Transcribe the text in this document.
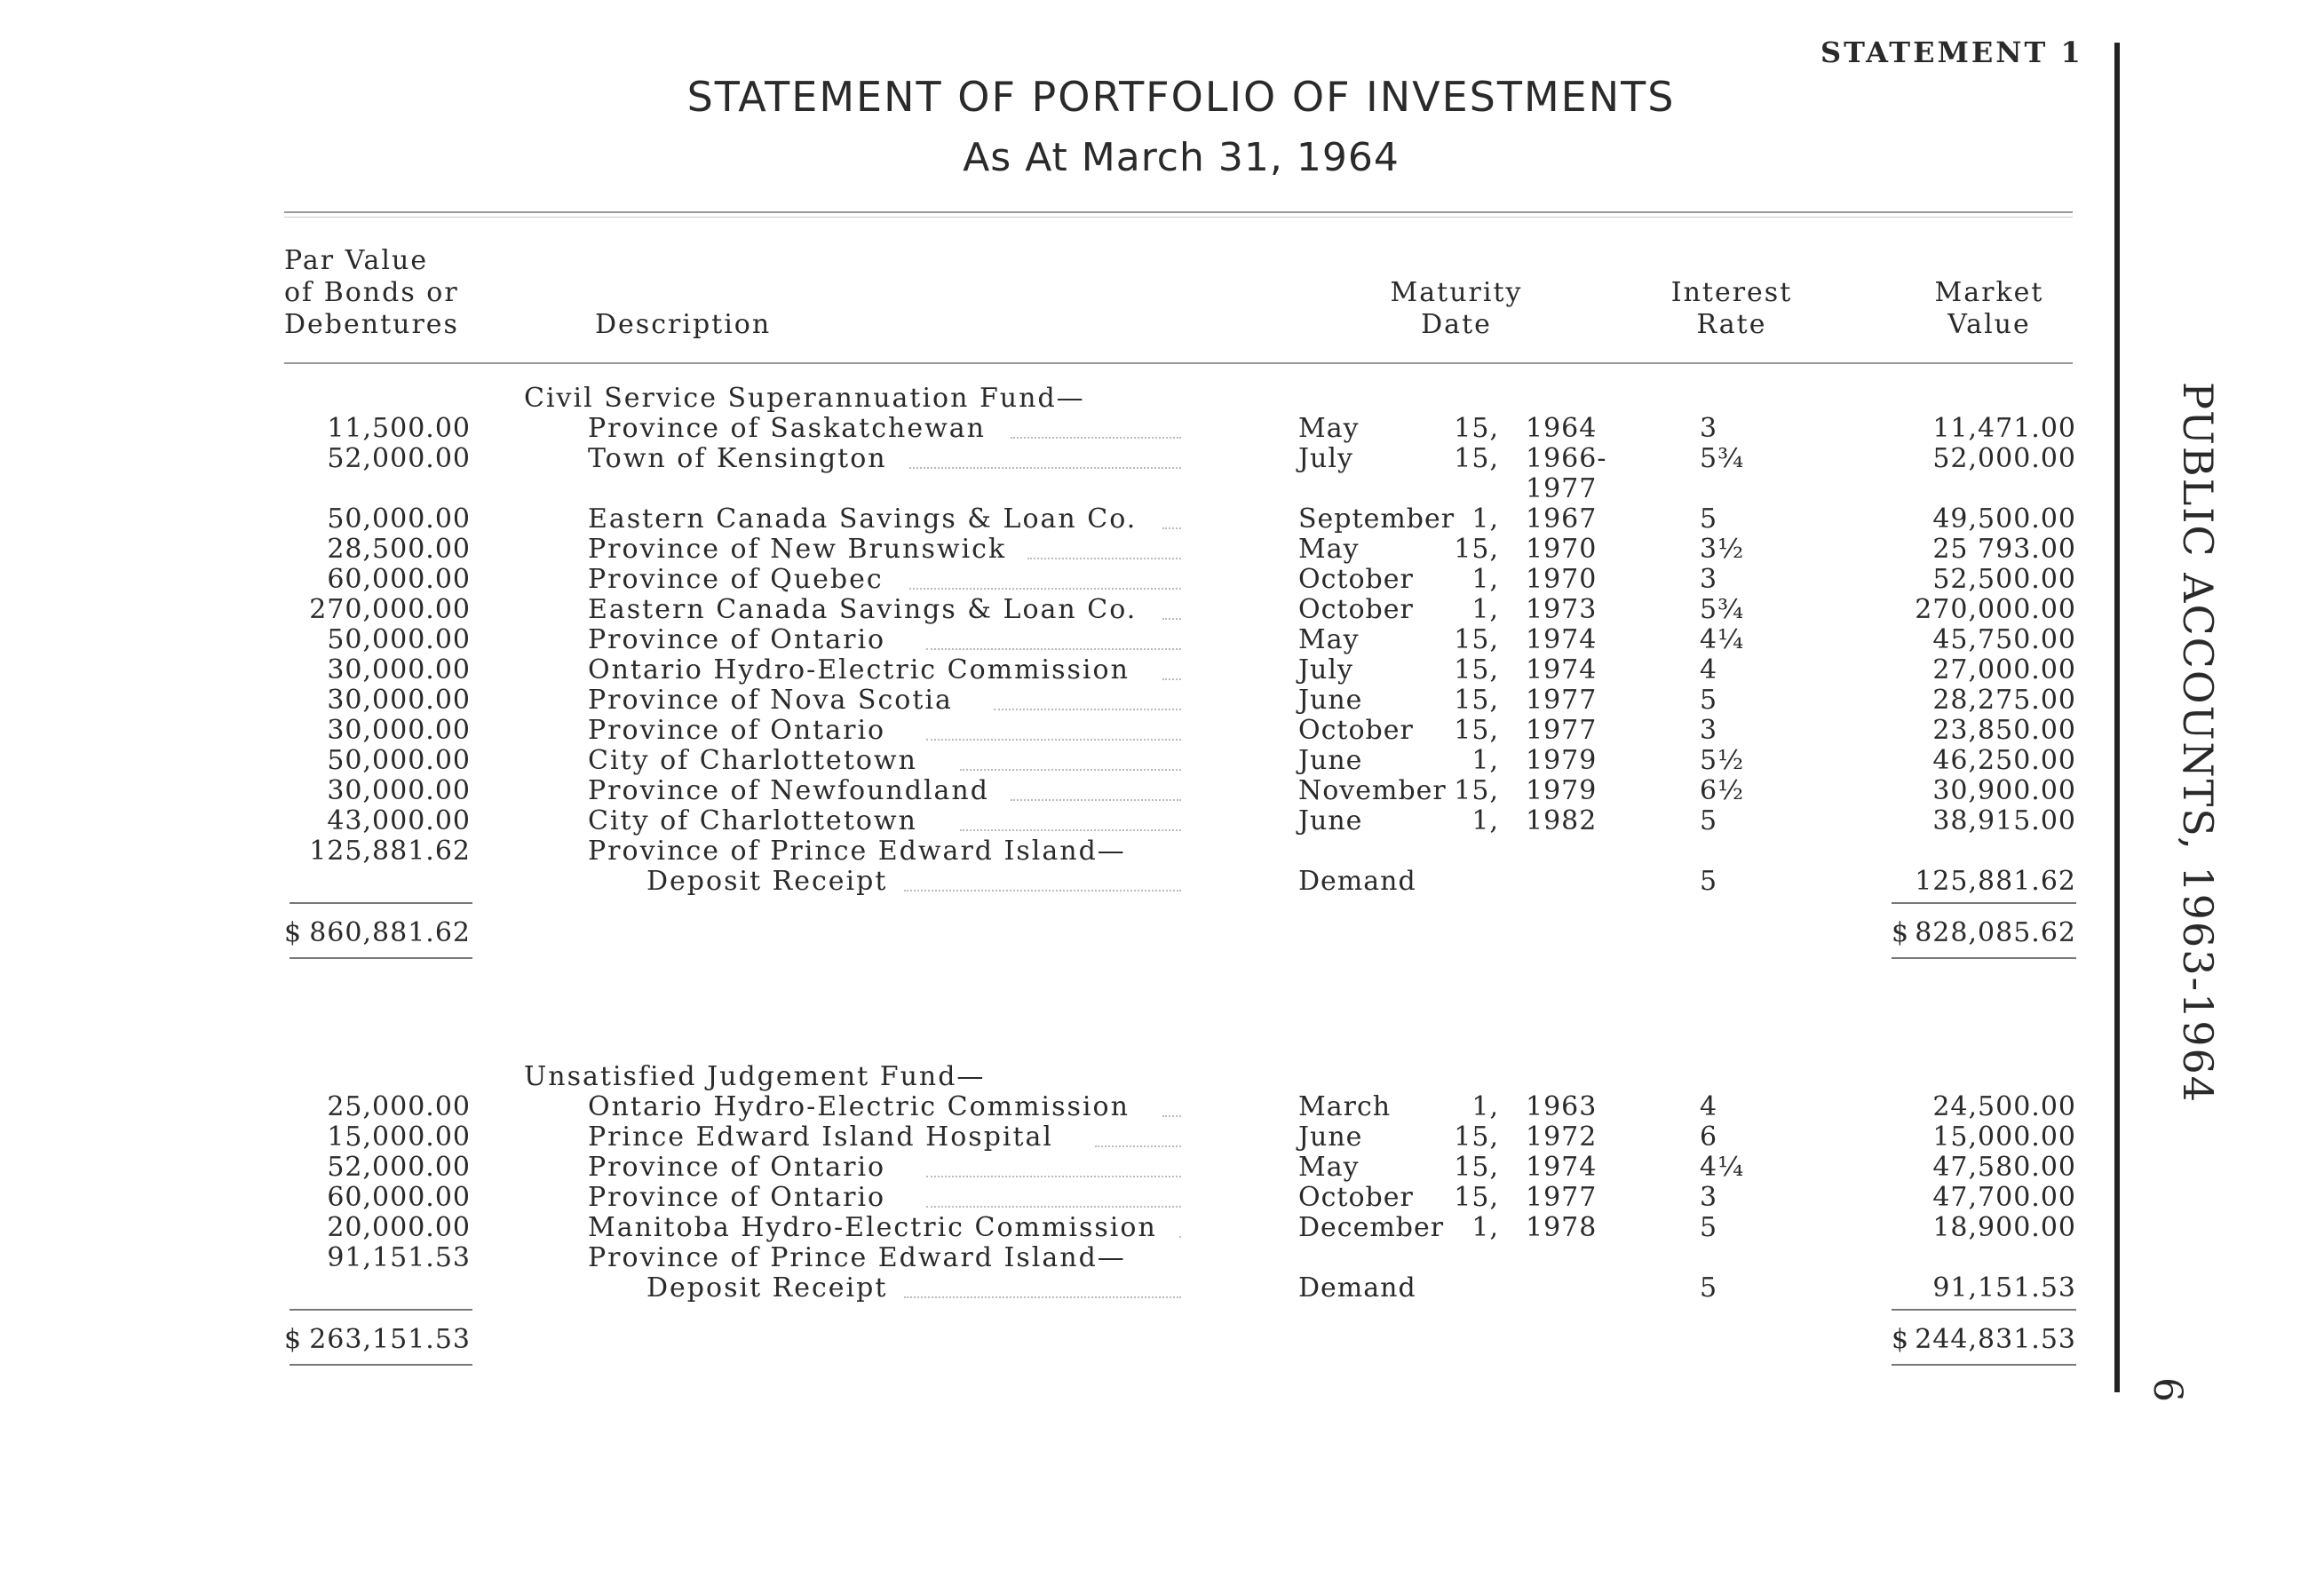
STATEMENT 1
STATEMENT OF PORTFOLIO OF INVESTMENTS
As At March 31, 1964
Par Value
of Bonds or
Debentures	Description
Maturity
Date
Interest
Rate
Market
Value
Civil Service Superannuation Fund—
11,500.00	Province of Saskatchewan	May	15, 1964	3	11,471.00
52,000.00	Town of Kensington	July	15, 1966-	5¾	52,000.00
1977
50,000.00	Eastern Canada Savings & Loan Co.	September 1, 1967	5	49,500.00
28,500.00	Province of New Brunswick	May	15, 1970	3½	25 793.00
60,000.00	Province of Quebec	October	1, 1970	3	52,500.00
270,000.00	Eastern Canada Savings & Loan Co.	October	1, 1973	5¾	270,000.00
50,000.00	Province of Ontario	May	15, 1974	4¼	45,750.00
30,000.00	Ontario Hydro-Electric Commission	July	15, 1974	4	27,000.00
30,000.00	Province of Nova Scotia	June	15, 1977	5	28,275.00
30,000.00	Province of Ontario	October	15, 1977	3	23,850.00
50,000.00	City of Charlottetown	June	1, 1979	5½	46,250.00
30,000.00	Province of Newfoundland	November 15, 1979	6½	30,900.00
43,000.00	City of Charlottetown	June	1, 1982	5	38,915.00
125,881.62	Province of Prince Edward Island—
Deposit Receipt	Demand	5	125,881.62
$ 860,881.62	$ 828,085.62
Unsatisfied Judgement Fund—
25,000.00	Ontario Hydro-Electric Commission	March	1, 1963	4	24,500.00
15,000.00	Prince Edward Island Hospital	June	15, 1972	6	15,000.00
52,000.00	Province of Ontario	May	15, 1974	4¼	47,580.00
60,000.00	Province of Ontario	October	15, 1977	3	47,700.00
20,000.00	Manitoba Hydro-Electric Commission	December	1, 1978	5	18,900.00
91,151.53	Province of Prince Edward Island—
Deposit Receipt	Demand	5	91,151.53
$ 263,151.53	$ 244,831.53
PUBLIC ACCOUNTS, 1963-1964
6
